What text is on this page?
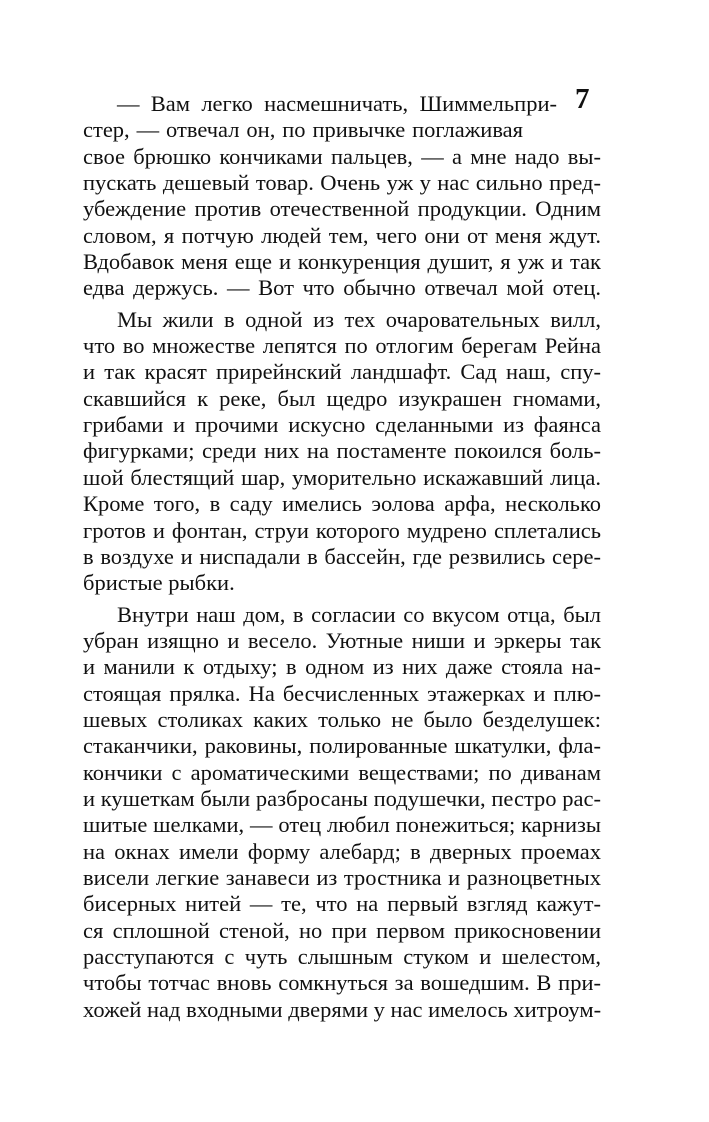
7
— Вам легко насмешничать, Шиммельпри-
стер, — отвечал он, по привычке поглаживая
свое брюшко кончиками пальцев, — а мне надо вы-
пускать дешевый товар. Очень уж у нас сильно пред-
убеждение против отечественной продукции. Одним
словом, я потчую людей тем, чего они от меня ждут.
Вдобавок меня еще и конкуренция душит, я уж и так
едва держусь. — Вот что обычно отвечал мой отец.
Мы жили в одной из тех очаровательных вилл,
что во множестве лепятся по отлогим берегам Рейна
и так красят прирейнский ландшафт. Сад наш, спу-
скавшийся к реке, был щедро изукрашен гномами,
грибами и прочими искусно сделанными из фаянса
фигурками; среди них на постаменте покоился боль-
шой блестящий шар, уморительно искажавший лица.
Кроме того, в саду имелись эолова арфа, несколько
гротов и фонтан, струи которого мудрено сплетались
в воздухе и ниспадали в бассейн, где резвились сере-
бристые рыбки.
Внутри наш дом, в согласии со вкусом отца, был
убран изящно и весело. Уютные ниши и эркеры так
и манили к отдыху; в одном из них даже стояла на-
стоящая прялка. На бесчисленных этажерках и плю-
шевых столиках каких только не было безделушек:
стаканчики, раковины, полированные шкатулки, фла-
кончики с ароматическими веществами; по диванам
и кушеткам были разбросаны подушечки, пестро рас-
шитые шелками, — отец любил понежиться; карнизы
на окнах имели форму алебард; в дверных проемах
висели легкие занавеси из тростника и разноцветных
бисерных нитей — те, что на первый взгляд кажут-
ся сплошной стеной, но при первом прикосновении
расступаются с чуть слышным стуком и шелестом,
чтобы тотчас вновь сомкнуться за вошедшим. В при-
хожей над входными дверями у нас имелось хитроум-
